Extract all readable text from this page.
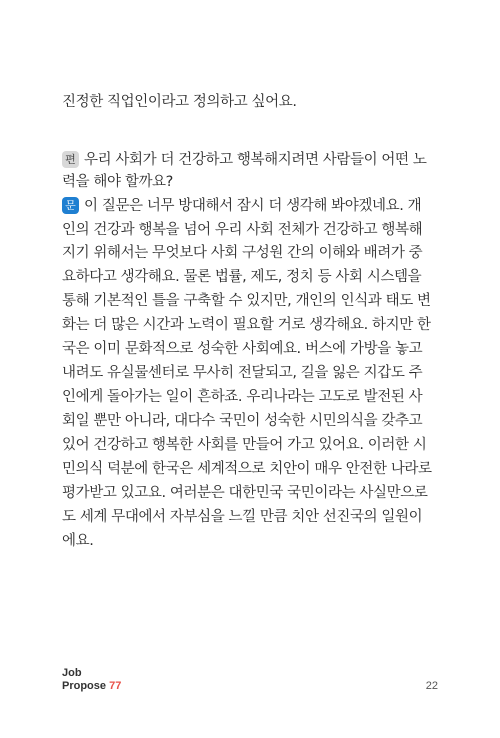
진정한 직업인이라고 정의하고 싶어요.
편 우리 사회가 더 건강하고 행복해지려면 사람들이 어떤 노
력을 해야 할까요?
문 이 질문은 너무 방대해서 잠시 더 생각해 봐야겠네요. 개
인의 건강과 행복을 넘어 우리 사회 전체가 건강하고 행복해
지기 위해서는 무엇보다 사회 구성원 간의 이해와 배려가 중
요하다고 생각해요. 물론 법률, 제도, 정치 등 사회 시스템을
통해 기본적인 틀을 구축할 수 있지만, 개인의 인식과 태도 변
화는 더 많은 시간과 노력이 필요할 거로 생각해요. 하지만 한
국은 이미 문화적으로 성숙한 사회예요. 버스에 가방을 놓고
내려도 유실물센터로 무사히 전달되고, 길을 잃은 지갑도 주
인에게 돌아가는 일이 흔하죠. 우리나라는 고도로 발전된 사
회일 뿐만 아니라, 대다수 국민이 성숙한 시민의식을 갖추고
있어 건강하고 행복한 사회를 만들어 가고 있어요. 이러한 시
민의식 덕분에 한국은 세계적으로 치안이 매우 안전한 나라로
평가받고 있고요. 여러분은 대한민국 국민이라는 사실만으로
도 세계 무대에서 자부심을 느낄 만큼 치안 선진국의 일원이
에요.
Job
Propose 77	22
